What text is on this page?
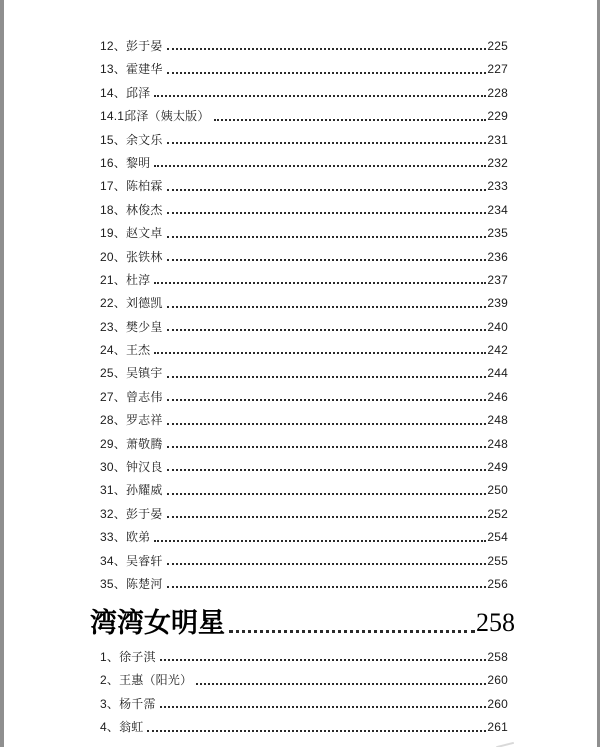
12、彭于晏	225
13、霍建华	227
14、邱泽	228
14.1邱泽（姨太版）	229
15、余文乐	231
16、黎明	232
17、陈柏霖	233
18、林俊杰	234
19、赵文卓	235
20、张铁林	236
21、杜淳	237
22、刘德凯	239
23、樊少皇	240
24、王杰	242
25、吴镇宇	244
27、曾志伟	246
28、罗志祥	248
29、萧敬腾	248
30、钟汉良	249
31、孙耀威	250
32、彭于晏	252
33、欧弟	254
34、吴睿轩	255
35、陈楚河	256
湾湾女明星	258
1、徐子淇	258
2、王惠（阳光）	260
3、杨千霈	260
4、翁虹	261
